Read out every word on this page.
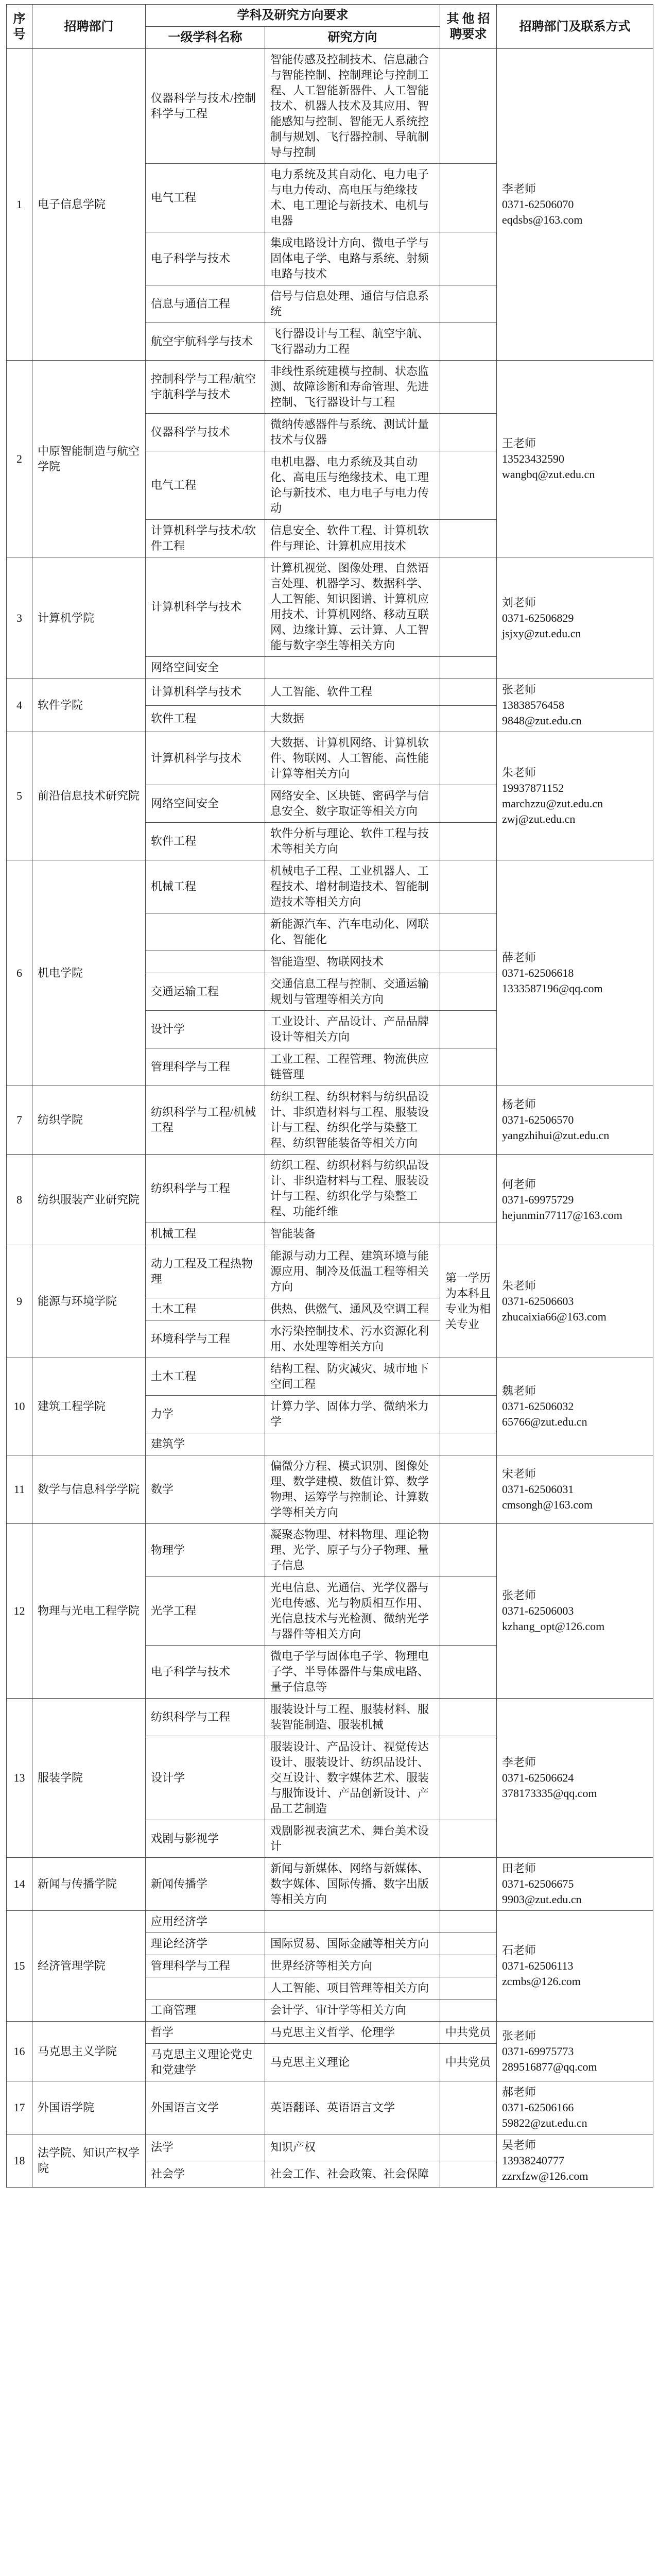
序号	招聘部门	学科及研究方向要求		其 他 招 聘要求	招聘部门及联系方式
		一级学科名称	研究方向		
1	电子信息学院	仪器科学与技术/控制科学与工程	智能传感及控制技术、信息融合与智能控制、控制理论与控制工程、人工智能新器件、人工智能技术、机器人技术及其应用、智能感知与控制、智能无人系统控制与规划、飞行器控制、导航制导与控制		李老师
0371-62506070
eqdsbs@163.com

		电气工程	电力系统及其自动化、电力电子与电力传动、高电压与绝缘技术、电工理论与新技术、电机与电器		
		电子科学与技术	集成电路设计方向、微电子学与固体电子学、电路与系统、射频电路与技术		
		信息与通信工程	信号与信息处理、通信与信息系统		
		航空宇航科学与技术	飞行器设计与工程、航空宇航、飞行器动力工程		
2	中原智能制造与航空学院	控制科学与工程/航空宇航科学与技术	非线性系统建模与控制、状态监测、故障诊断和寿命管理、先进控制、飞行器设计与工程		王老师
13523432590
wangbq@zut.edu.cn

		仪器科学与技术	微纳传感器件与系统、测试计量技术与仪器		
		电气工程	电机电器、电力系统及其自动化、高电压与绝缘技术、电工理论与新技术、电力电子与电力传动		
		计算机科学与技术/软件工程	信息安全、软件工程、计算机软件与理论、计算机应用技术		
3	计算机学院	计算机科学与技术	计算机视觉、图像处理、自然语言处理、机器学习、数据科学、人工智能、知识图谱、计算机应用技术、计算机网络、移动互联网、边缘计算、云计算、人工智能与数字孪生等相关方向		刘老师
0371-62506829
jsjxy@zut.edu.cn

		网络空间安全			
4	软件学院	计算机科学与技术	人工智能、软件工程		张老师
13838576458
9848@zut.edu.cn

		软件工程	大数据		
5	前沿信息技术研究院	计算机科学与技术	大数据、计算机网络、计算机软件、物联网、人工智能、高性能计算等相关方向		朱老师
19937871152
marchzzu@zut.edu.cn
zwj@zut.edu.cn

		网络空间安全	网络安全、区块链、密码学与信息安全、数字取证等相关方向		
		软件工程	软件分析与理论、软件工程与技术等相关方向		
6	机电学院	机械工程	机械电子工程、工业机器人、工程技术、增材制造技术、智能制造技术等相关方向		薛老师
0371-62506618
1333587196@qq.com

			新能源汽车、汽车电动化、网联化、智能化		
			智能造型、物联网技术		
		交通运输工程	交通信息工程与控制、交通运输规划与管理等相关方向		
		设计学	工业设计、产品设计、产品品牌设计等相关方向		
		管理科学与工程	工业工程、工程管理、物流供应链管理		
7	纺织学院	纺织科学与工程/机械工程	纺织工程、纺织材料与纺织品设计、非织造材料与工程、服装设计与工程、纺织化学与染整工程、纺织智能装备等相关方向		杨老师
0371-62506570
yangzhihui@zut.edu.cn

8	纺织服装产业研究院	纺织科学与工程	纺织工程、纺织材料与纺织品设计、非织造材料与工程、服装设计与工程、纺织化学与染整工程、功能纤维		何老师
0371-69975729
hejunmin77117@163.com

		机械工程	智能装备		
9	能源与环境学院	动力工程及工程热物理	能源与动力工程、建筑环境与能源应用、制冷及低温工程等相关方向	第一学历为本科且专业为相关专业	朱老师
0371-62506603
zhucaixia66@163.com

		土木工程	供热、供燃气、通风及空调工程		
		环境科学与工程	水污染控制技术、污水资源化利用、水处理等相关方向		
10	建筑工程学院	土木工程	结构工程、防灾减灾、城市地下空间工程		魏老师
0371-62506032
65766@zut.edu.cn

		力学	计算力学、固体力学、微纳米力学		
		建筑学			
11	数学与信息科学学院	数学	偏微分方程、模式识别、图像处理、数学建模、数值计算、数学物理、运筹学与控制论、计算数学等相关方向		宋老师
0371-62506031
cmsongh@163.com

12	物理与光电工程学院	物理学	凝聚态物理、材料物理、理论物理、光学、原子与分子物理、量子信息		张老师
0371-62506003
kzhang_opt@126.com

		光学工程	光电信息、光通信、光学仪器与光电传感、光与物质相互作用、光信息技术与光检测、微纳光学与器件等相关方向		
		电子科学与技术	微电子学与固体电子学、物理电子学、半导体器件与集成电路、量子信息等		
13	服装学院	纺织科学与工程	服装设计与工程、服装材料、服装智能制造、服装机械		李老师
0371-62506624
378173335@qq.com

		设计学	服装设计、产品设计、视觉传达设计、服装设计、纺织品设计、交互设计、数字媒体艺术、服装与服饰设计、产品创新设计、产品工艺制造		
		戏剧与影视学	戏剧影视表演艺术、舞台美术设计		
14	新闻与传播学院	新闻传播学	新闻与新媒体、网络与新媒体、数字媒体、国际传播、数字出版等相关方向		田老师
0371-62506675
9903@zut.edu.cn

15	经济管理学院	应用经济学			石老师
0371-62506113
zcmbs@126.com

		理论经济学	国际贸易、国际金融等相关方向		
		管理科学与工程	世界经济等相关方向		
			人工智能、项目管理等相关方向		
		工商管理	会计学、审计学等相关方向		
16	马克思主义学院	哲学	马克思主义哲学、伦理学	中共党员	张老师
0371-69975773
289516877@qq.com

		马克思主义理论党史和党建学	马克思主义理论	中共党员	
17	外国语学院	外国语言文学	英语翻译、英语语言文学		郝老师
0371-62506166
59822@zut.edu.cn

18	法学院、知识产权学院	法学	知识产权		吴老师
13938240777
zzrxfzw@126.com

		社会学	社会工作、社会政策、社会保障		
